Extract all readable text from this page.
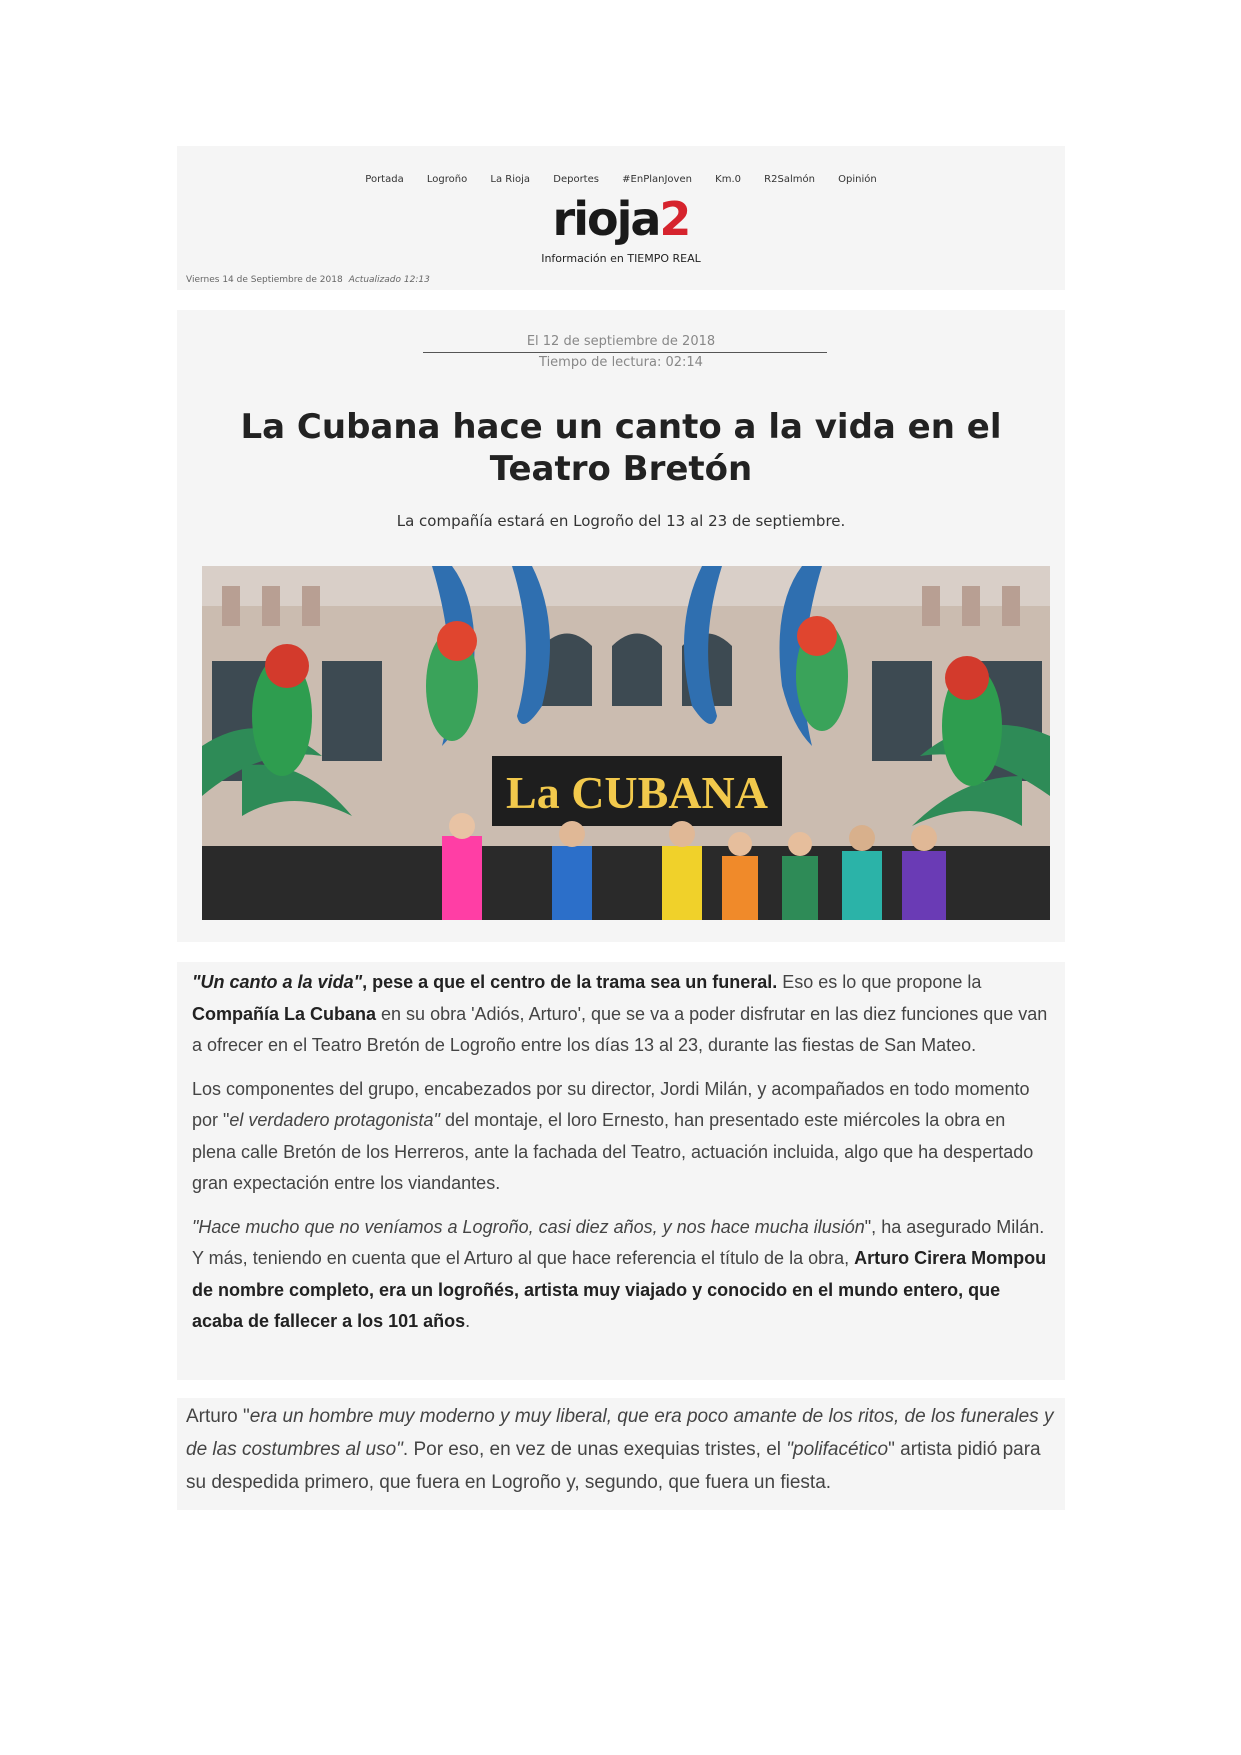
Portada Logroño La Rioja Deportes #EnPlanJoven Km.0 R2Salmón Opinión
rioja2
Información en TIEMPO REAL
Viernes 14 de Septiembre de 2018 Actualizado 12:13
El 12 de septiembre de 2018
Tiempo de lectura: 02:14
La Cubana hace un canto a la vida en el Teatro Bretón
La compañía estará en Logroño del 13 al 23 de septiembre.
La CUBANA

"Un canto a la vida", pese a que el centro de la trama sea un funeral. Eso es lo que propone la Compañía La Cubana en su obra 'Adiós, Arturo', que se va a poder disfrutar en las diez funciones que van a ofrecer en el Teatro Bretón de Logroño entre los días 13 al 23, durante las fiestas de San Mateo.

Los componentes del grupo, encabezados por su director, Jordi Milán, y acompañados en todo momento por "el verdadero protagonista" del montaje, el loro Ernesto, han presentado este miércoles la obra en plena calle Bretón de los Herreros, ante la fachada del Teatro, actuación incluida, algo que ha despertado gran expectación entre los viandantes.

"Hace mucho que no veníamos a Logroño, casi diez años, y nos hace mucha ilusión", ha asegurado Milán. Y más, teniendo en cuenta que el Arturo al que hace referencia el título de la obra, Arturo Cirera Mompou de nombre completo, era un logroñés, artista muy viajado y conocido en el mundo entero, que acaba de fallecer a los 101 años.

Arturo "era un hombre muy moderno y muy liberal, que era poco amante de los ritos, de los funerales y de las costumbres al uso". Por eso, en vez de unas exequias tristes, el "polifacético" artista pidió para su despedida primero, que fuera en Logroño y, segundo, que fuera un fiesta.
